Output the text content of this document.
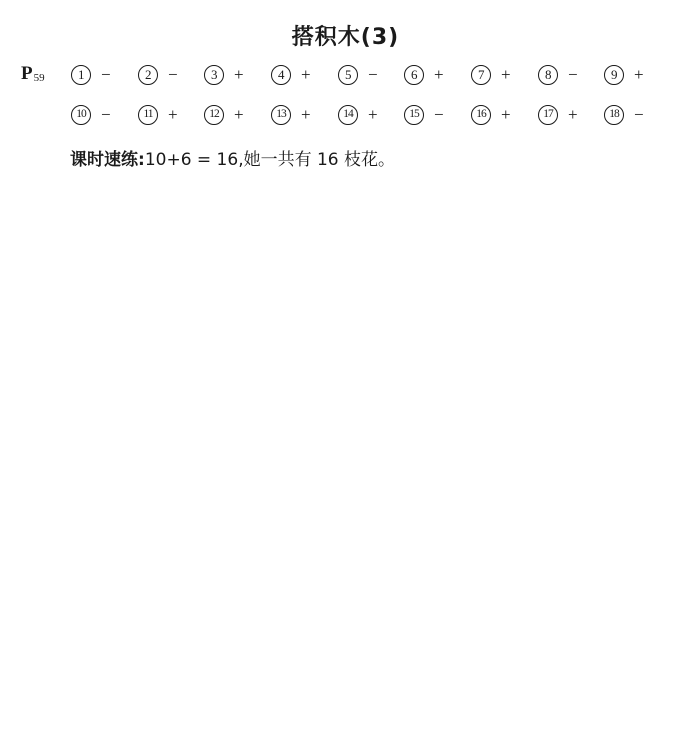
搭积木(3)
$P_{59}$	1	−	2	−	3	+	4	+	5	−	6	+	7	+	8	−	9	+
10 −	11 +	12 +	13 +	14 +	15 −	16 +	17 +	18 −
课时速练:10+6 = 16,她一共有 16 枝花。
